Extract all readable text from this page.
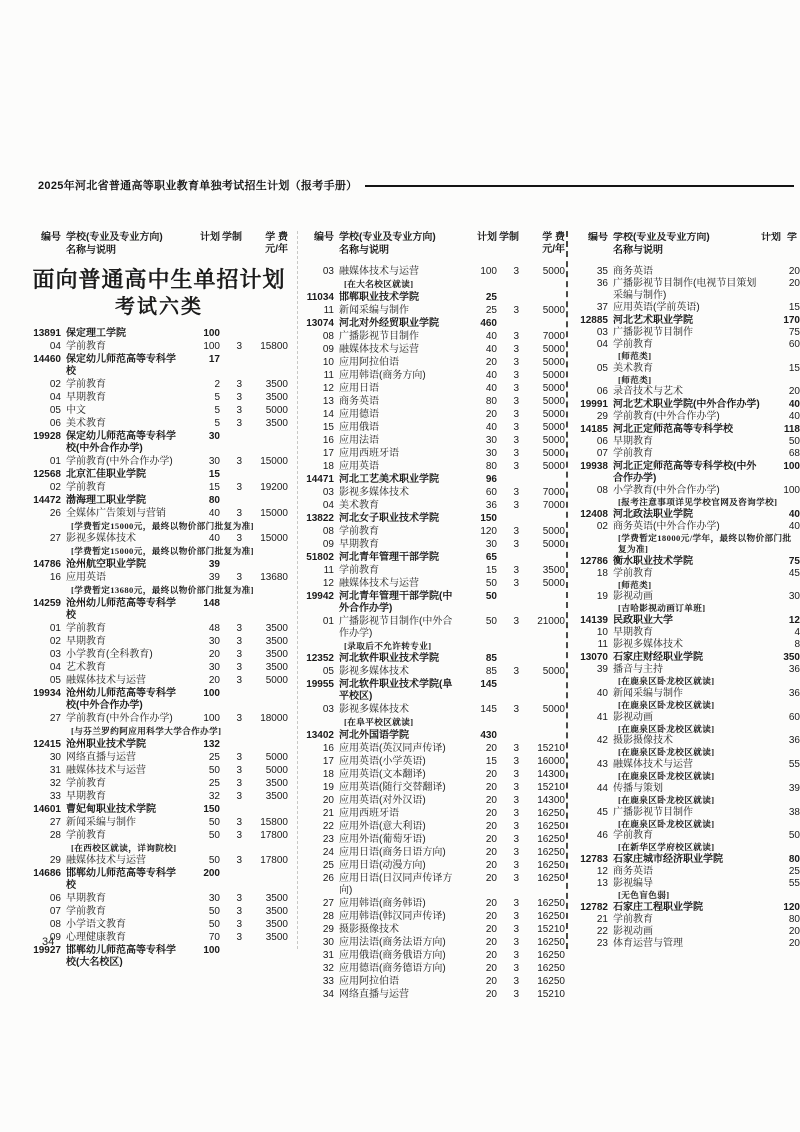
2025年河北省普通高等职业教育单独考试招生计划（报考手册）
编号 学校(专业及专业方向)
名称与说明
计划 学制 学 费
元/年
面向普通高中生单招计划
考试六类
13891 保定理工学院	100
04 学前教育	100	3	15800
14460 保定幼儿师范高等专科学校
17
02 学前教育	2	3	3500
04 早期教育	5	3	3500
05 中文	5	3	5000
06 美术教育	5	3	3500
19928 保定幼儿师范高等专科学校(中外合作办学)
30
01 学前教育(中外合作办学)	30	3	15000
12568 北京汇佳职业学院	15
02 学前教育	15	3	19200
14472 渤海理工职业学院	80
26 全媒体广告策划与营销	40	3	15000
[学费暂定15000元，最终以物价部门批复为准]
27 影视多媒体技术	40	3	15000
[学费暂定15000元，最终以物价部门批复为准]
14786 沧州航空职业学院	39
16 应用英语	39	3	13680
[学费暂定13680元，最终以物价部门批复为准]
14259 沧州幼儿师范高等专科学校
148
01 学前教育	48	3	3500
02 早期教育	30	3	3500
03 小学教育(全科教育)	20	3	3500
04 艺术教育	30	3	3500
05 融媒体技术与运营	20	3	5000
19934 沧州幼儿师范高等专科学校(中外合作办学)
100
27 学前教育(中外合作办学)	100	3	18000
[与芬兰罗约阿应用科学大学合作办学]
12415 沧州职业技术学院	132
30 网络直播与运营	25	3	5000
31 融媒体技术与运营	50	3	5000
32 学前教育	25	3	3500
33 早期教育	32	3	3500
14601 曹妃甸职业技术学院	150
27 新闻采编与制作	50	3	15800
28 学前教育	50	3	17800
[在西校区就读，详询院校]
29 融媒体技术与运营	50	3	17800
14686 邯郸幼儿师范高等专科学校
200
06 早期教育	30	3	3500
07 学前教育	50	3	3500
08 小学语文教育	50	3	3500
09 心理健康教育	70	3	3500
19927 邯郸幼儿师范高等专科学校(大名校区)
100
编号 学校(专业及专业方向)
名称与说明
计划 学制 学 费
元/年
03 融媒体技术与运营	100	3	5000
[在大名校区就读]
11034 邯郸职业技术学院	25
11 新闻采编与制作	25	3	5000
13074 河北对外经贸职业学院	460
08 广播影视节目制作	40	3	7000
09 融媒体技术与运营	40	3	5000
10 应用阿拉伯语	20	3	5000
11 应用韩语(商务方向)	40	3	5000
12 应用日语	40	3	5000
13 商务英语	80	3	5000
14 应用德语	20	3	5000
15 应用俄语	40	3	5000
16 应用法语	30	3	5000
17 应用西班牙语	30	3	5000
18 应用英语	80	3	5000
14471 河北工艺美术职业学院	96
03 影视多媒体技术	60	3	7000
04 美术教育	36	3	7000
13822 河北女子职业技术学院	150
08 学前教育	120	3	5000
09 早期教育	30	3	5000
51802 河北青年管理干部学院	65
11 学前教育	15	3	3500
12 融媒体技术与运营	50	3	5000
19942 河北青年管理干部学院(中外合作办学)
50
01 广播影视节目制作(中外合作办学)
50	3	21000
[录取后不允许转专业]
12352 河北软件职业技术学院	85
05 影视多媒体技术	85	3	5000
19955 河北软件职业技术学院(阜平校区)
145
03 影视多媒体技术	145	3	5000
[在阜平校区就读]
13402 河北外国语学院	430
16 应用英语(英汉同声传译)	20	3	15210
17 应用英语(小学英语)	15	3	16000
18 应用英语(文本翻译)	20	3	14300
19 应用英语(随行交替翻译)	20	3	15210
20 应用英语(对外汉语)	20	3	14300
21 应用西班牙语	20	3	16250
22 应用外语(意大利语)	20	3	16250
23 应用外语(葡萄牙语)	20	3	16250
24 应用日语(商务日语方向)	20	3	16250
25 应用日语(动漫方向)	20	3	16250
26 应用日语(日汉同声传译方向)
20	3	16250
27 应用韩语(商务韩语)	20	3	16250
28 应用韩语(韩汉同声传译)	20	3	16250
29 摄影摄像技术	20	3	15210
30 应用法语(商务法语方向)	20	3	16250
31 应用俄语(商务俄语方向)	20	3	16250
32 应用德语(商务德语方向)	20	3	16250
33 应用阿拉伯语	20	3	16250
34 网络直播与运营	20	3	15210
编号 学校(专业及专业方向)
名称与说明
计划 学
35 商务英语	20
36 广播影视节目制作(电视节目策划采编与制作)
20
37 应用英语(学前英语)	15
12885 河北艺术职业学院	170
03 广播影视节目制作	75
04 学前教育	60
[师范类]
05 美术教育	15
[师范类]
06 录音技术与艺术	20
19991 河北艺术职业学院(中外合作办学)	40
29 学前教育(中外合作办学)	40
14185 河北正定师范高等专科学校	118
06 早期教育	50
07 学前教育	68
19938 河北正定师范高等专科学校(中外合作办学)
100
08 小学教育(中外合作办学)	100
[报考注意事项详见学校官网及咨询学校]
12408 河北政法职业学院	40
02 商务英语(中外合作办学)	40
[学费暂定18000元/学年，最终以物价部门批复为准]
12786 衡水职业技术学院	75
18 学前教育	45
[师范类]
19 影视动画	30
[吉哈影视动画订单班]
14139 民政职业大学	12
10 早期教育	4
11 影视多媒体技术	8
13070 石家庄财经职业学院	350
39 播音与主持	36
[在鹿泉区卧龙校区就读]
40 新闻采编与制作	36
[在鹿泉区卧龙校区就读]
41 影视动画	60
[在鹿泉区卧龙校区就读]
42 摄影摄像技术	36
[在鹿泉区卧龙校区就读]
43 融媒体技术与运营	55
[在鹿泉区卧龙校区就读]
44 传播与策划	39
[在鹿泉区卧龙校区就读]
45 广播影视节目制作	38
[在鹿泉区卧龙校区就读]
46 学前教育	50
[在新华区学府校区就读]
12783 石家庄城市经济职业学院	80
12 商务英语	25
13 影视编导	55
[无色盲色弱]
12782 石家庄工程职业学院	120
21 学前教育	80
22 影视动画	20
23 体育运营与管理	20
34
